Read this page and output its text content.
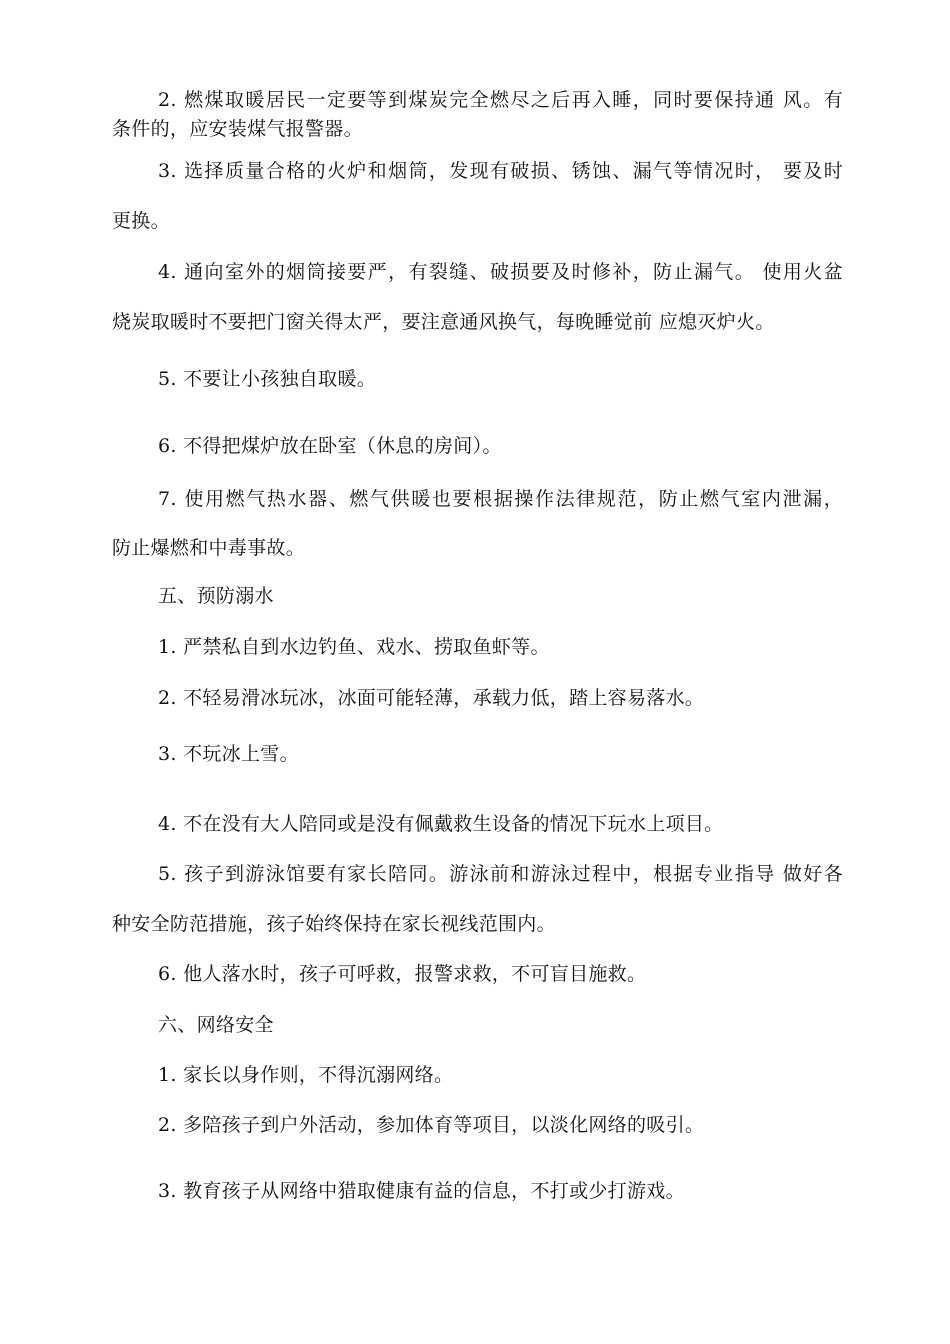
2. 燃煤取暖居民一定要等到煤炭完全燃尽之后再入睡，同时要保持通 风。有
条件的，应安装煤气报警器。
3. 选择质量合格的火炉和烟筒，发现有破损、锈蚀、漏气等情况时， 要及时
更换。
4. 通向室外的烟筒接要严，有裂缝、破损要及时修补，防止漏气。 使用火盆
烧炭取暖时不要把门窗关得太严，要注意通风换气，每晚睡觉前 应熄灭炉火。
5. 不要让小孩独自取暖。
6. 不得把煤炉放在卧室（休息的房间）。
7. 使用燃气热水器、燃气供暖也要根据操作法律规范，防止燃气室内泄漏，
防止爆燃和中毒事故。
五、预防溺水
1. 严禁私自到水边钓鱼、戏水、捞取鱼虾等。
2. 不轻易滑冰玩冰，冰面可能轻薄，承载力低，踏上容易落水。
3. 不玩冰上雪。
4. 不在没有大人陪同或是没有佩戴救生设备的情况下玩水上项目。
5. 孩子到游泳馆要有家长陪同。游泳前和游泳过程中，根据专业指导 做好各
种安全防范措施，孩子始终保持在家长视线范围内。
6. 他人落水时，孩子可呼救，报警求救，不可盲目施救。
六、网络安全
1. 家长以身作则，不得沉溺网络。
2. 多陪孩子到户外活动，参加体育等项目，以淡化网络的吸引。
3. 教育孩子从网络中猎取健康有益的信息，不打或少打游戏。
